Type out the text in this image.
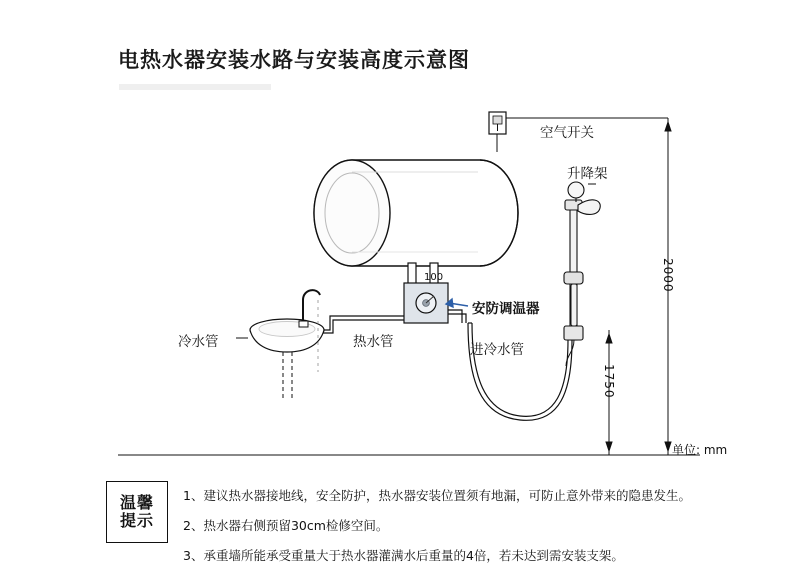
电热水器安装水路与安装高度示意图
空气开关
升降架
安防调温器
冷水管	热水管	进冷水管
100	2000
1750
单位: mm
温馨
提示
1、建议热水器接地线，安全防护，热水器安装位置须有地漏，可防止意外带来的隐患发生。
2、热水器右侧预留30cm检修空间。
3、承重墙所能承受重量大于热水器灌满水后重量的4倍，若未达到需安装支架。
